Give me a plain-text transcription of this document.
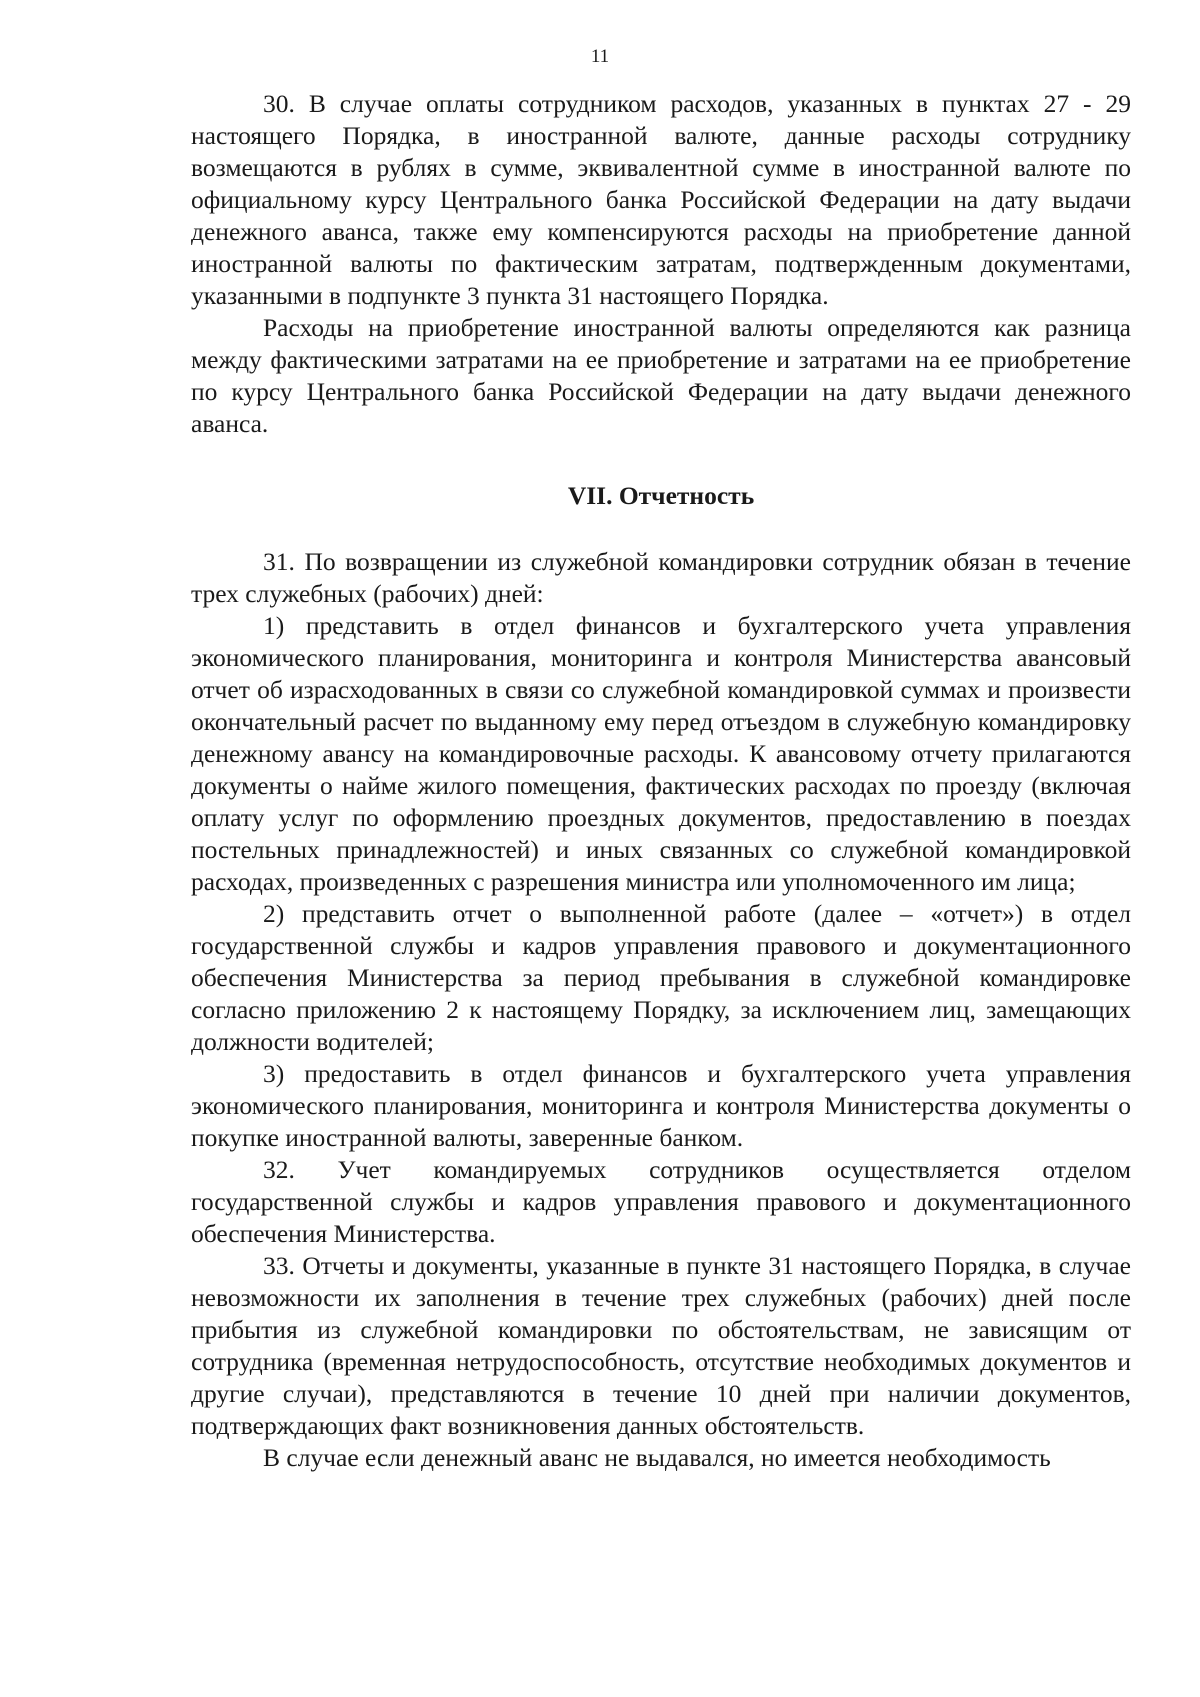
11

30. В случае оплаты сотрудником расходов, указанных в пунктах 27 - 29 настоящего Порядка, в иностранной валюте, данные расходы сотруднику возмещаются в рублях в сумме, эквивалентной сумме в иностранной валюте по официальному курсу Центрального банка Российской Федерации на дату выдачи денежного аванса, также ему компенсируются расходы на приобретение данной иностранной валюты по фактическим затратам, подтвержденным документами, указанными в подпункте 3 пункта 31 настоящего Порядка.

Расходы на приобретение иностранной валюты определяются как разница между фактическими затратами на ее приобретение и затратами на ее приобретение по курсу Центрального банка Российской Федерации на дату выдачи денежного аванса.

VII. Отчетность

31. По возвращении из служебной командировки сотрудник обязан в течение трех служебных (рабочих) дней:

1) представить в отдел финансов и бухгалтерского учета управления экономического планирования, мониторинга и контроля Министерства авансовый отчет об израсходованных в связи со служебной командировкой суммах и произвести окончательный расчет по выданному ему перед отъездом в служебную командировку денежному авансу на командировочные расходы. К авансовому отчету прилагаются документы о найме жилого помещения, фактических расходах по проезду (включая оплату услуг по оформлению проездных документов, предоставлению в поездах постельных принадлежностей) и иных связанных со служебной командировкой расходах, произведенных с разрешения министра или уполномоченного им лица;

2) представить отчет о выполненной работе (далее – «отчет») в отдел государственной службы и кадров управления правового и документационного обеспечения Министерства за период пребывания в служебной командировке согласно приложению 2 к настоящему Порядку, за исключением лиц, замещающих должности водителей;

3) предоставить в отдел финансов и бухгалтерского учета управления экономического планирования, мониторинга и контроля Министерства документы о покупке иностранной валюты, заверенные банком.

32. Учет командируемых сотрудников осуществляется отделом государственной службы и кадров управления правового и документационного обеспечения Министерства.

33. Отчеты и документы, указанные в пункте 31 настоящего Порядка, в случае невозможности их заполнения в течение трех служебных (рабочих) дней после прибытия из служебной командировки по обстоятельствам, не зависящим от сотрудника (временная нетрудоспособность, отсутствие необходимых документов и другие случаи), представляются в течение 10 дней при наличии документов, подтверждающих факт возникновения данных обстоятельств.

В случае если денежный аванс не выдавался, но имеется необходимость
